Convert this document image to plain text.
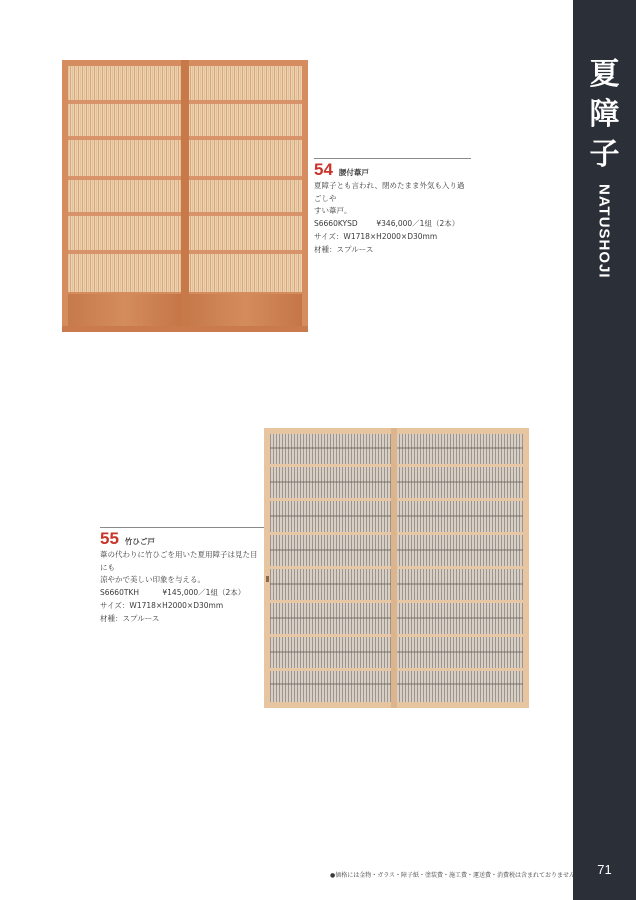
夏
障
子
NATUSHOJI
71
54 腰付葦戸

夏障子とも言われ、閉めたまま外気も入り過ごしや

すい葦戸。

S6660KYSD	¥346,000／1組（2本）

サイズ：W1718×H2000×D30mm

材種：スプルース

55 竹ひご戸

葦の代わりに竹ひごを用いた夏用障子は見た目にも

涼やかで美しい印象を与える。

S6660TKH	¥145,000／1組（2本）

サイズ：W1718×H2000×D30mm

材種：スプルース

●価格には金物・ガラス・障子紙・塗装費・施工費・運送費・消費税は含まれておりません。
